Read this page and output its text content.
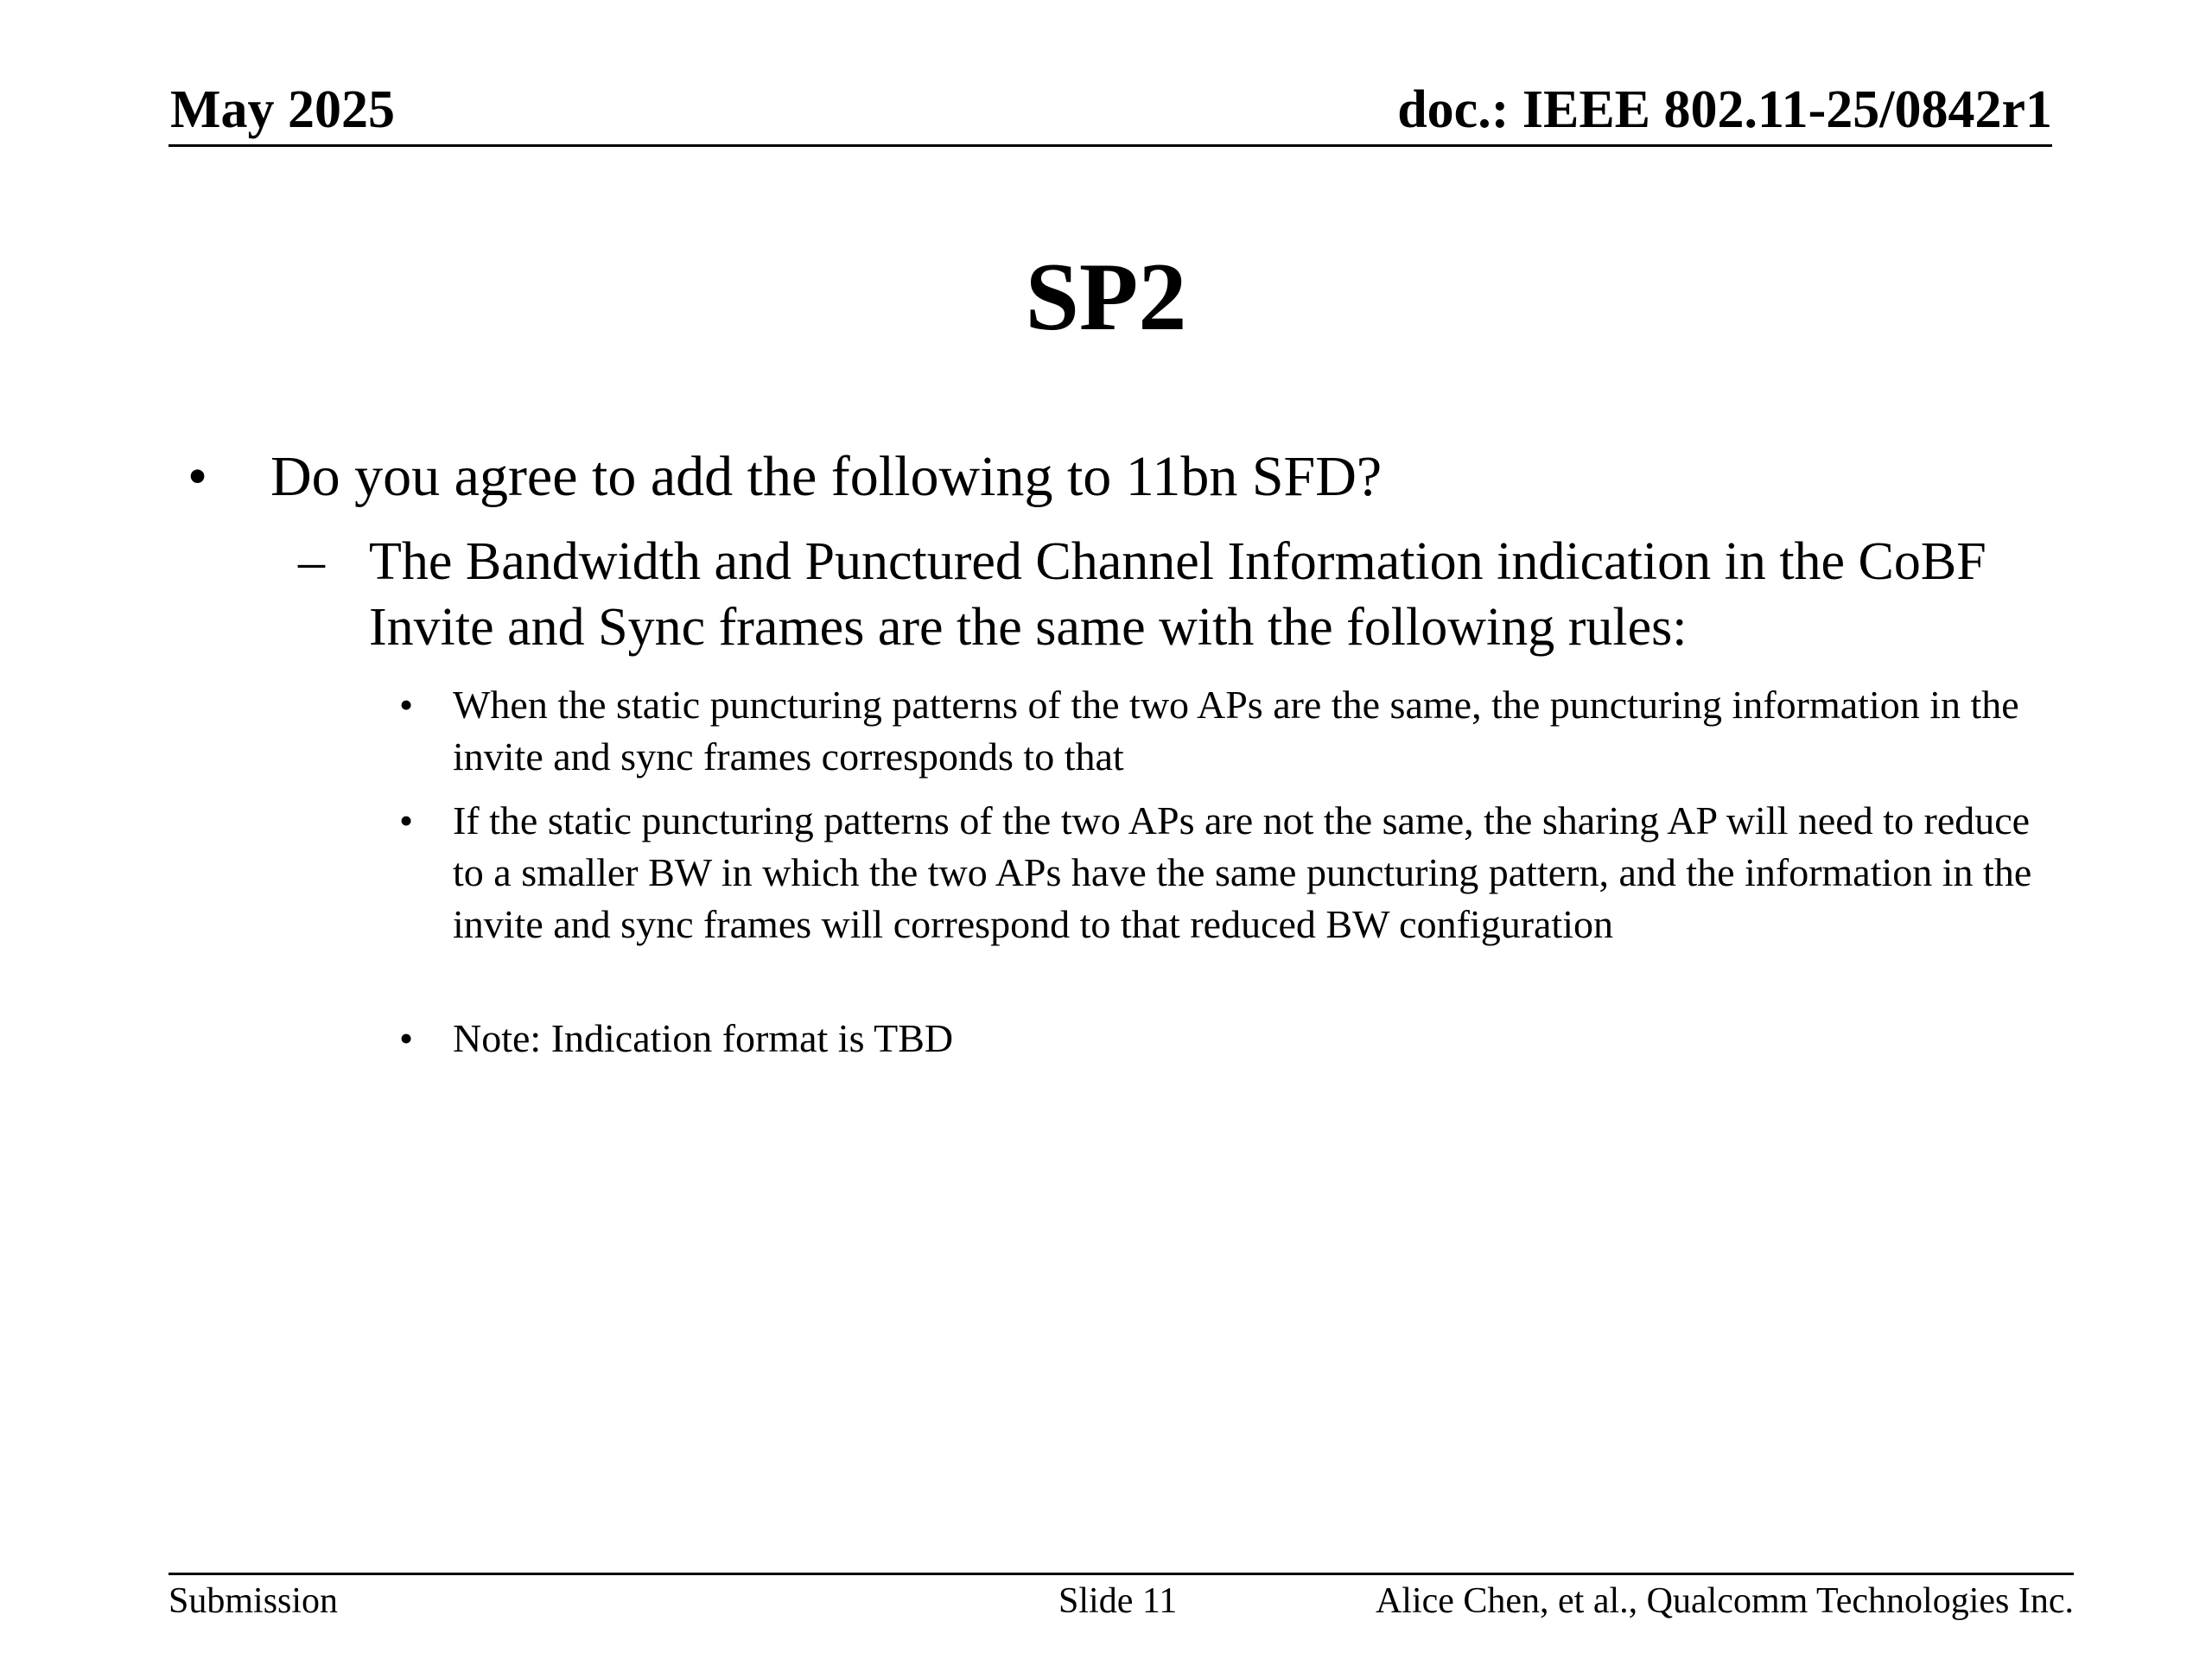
May 2025	doc.: IEEE 802.11-25/0842r1
SP2
• Do you agree to add the following to 11bn SFD?
– The Bandwidth and Punctured Channel Information indication in the CoBF Invite and Sync frames are the same with the following rules:
• When the static puncturing patterns of the two APs are the same, the puncturing information in the invite and sync frames corresponds to that
• If the static puncturing patterns of the two APs are not the same, the sharing AP will need to reduce to a smaller BW in which the two APs have the same puncturing pattern, and the information in the invite and sync frames will correspond to that reduced BW configuration
• Note: Indication format is TBD
Submission	Slide 11	Alice Chen, et al., Qualcomm Technologies Inc.
